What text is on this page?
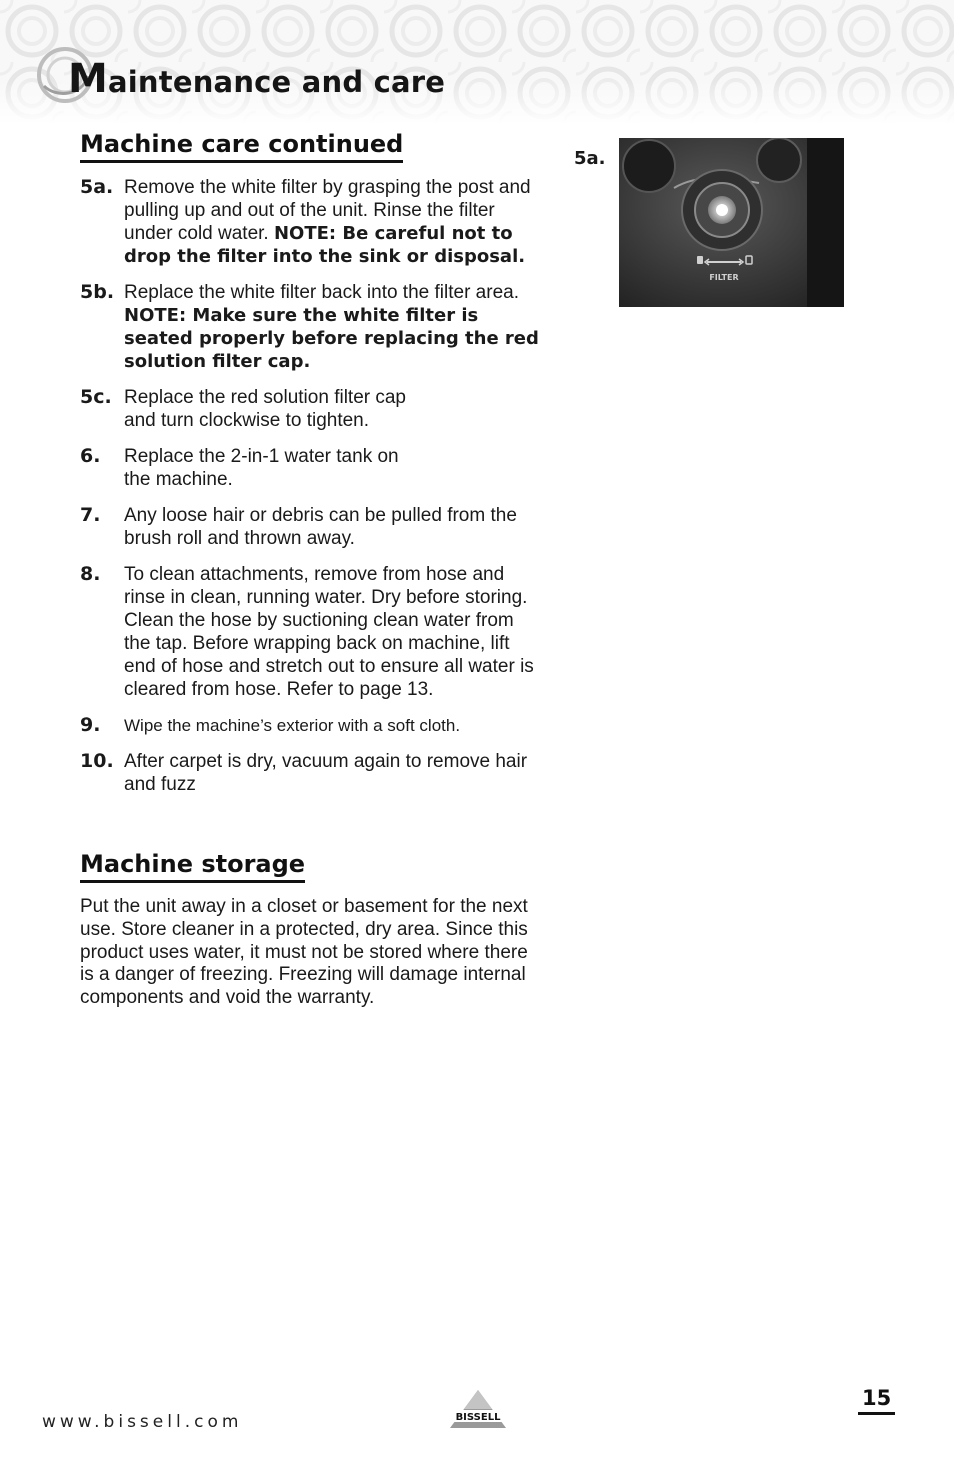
Maintenance and care
Machine care continued
5a. Remove the white filter by grasping the post and pulling up and out of the unit. Rinse the filter under cold water. NOTE: Be careful not to drop the filter into the sink or disposal.
5b. Replace the white filter back into the filter area. NOTE: Make sure the white filter is seated properly before replacing the red solution filter cap.
5c. Replace the red solution filter cap and turn clockwise to tighten.
6.	Replace the 2-in-1 water tank on the machine.
7.	Any loose hair or debris can be pulled from the brush roll and thrown away.
8.	To clean attachments, remove from hose and rinse in clean, running water. Dry before storing. Clean the hose by suctioning clean water from the tap. Before wrapping back on machine, lift end of hose and stretch out to ensure all water is cleared from hose. Refer to page 13.
9.	Wipe the machine’s exterior with a soft cloth.
10. After carpet is dry, vacuum again to remove hair and fuzz
Machine storage

Put the unit away in a closet or basement for the next use. Store cleaner in a protected, dry area. Since this product uses water, it must not be stored where there is a danger of freezing. Freezing will damage internal components and void the warranty.

5a.
FILTER
www.bissell.com	BISSELL
15
